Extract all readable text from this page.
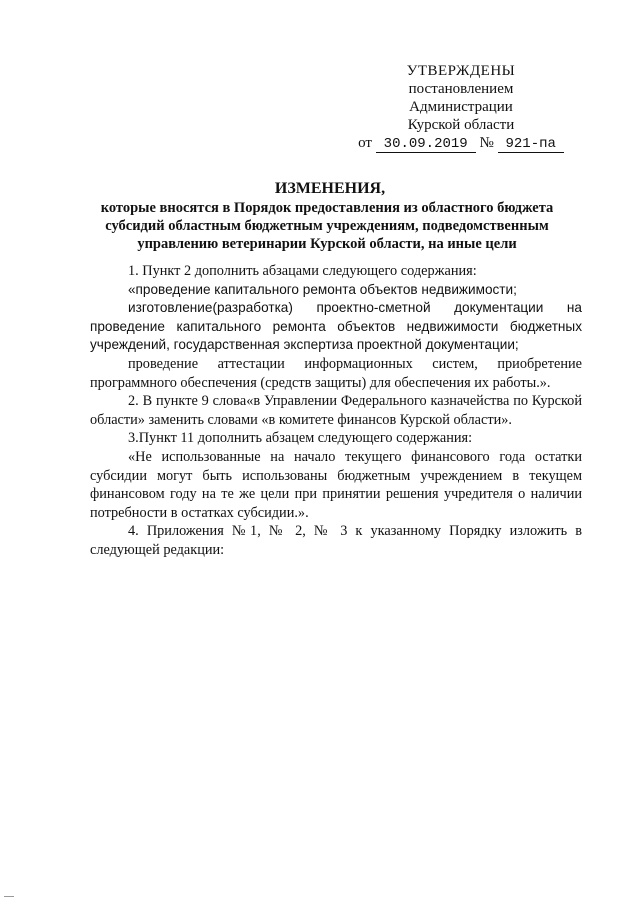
УТВЕРЖДЕНЫ
постановлением Администрации
Курской области
от 30.09.2019 № 921-па
ИЗМЕНЕНИЯ,
которые вносятся в Порядок предоставления из областного бюджета субсидий областным бюджетным учреждениям, подведомственным управлению ветеринарии Курской области, на иные цели

1. Пункт 2 дополнить абзацами следующего содержания:

«проведение капитального ремонта объектов недвижимости;

изготовление(разработка) проектно-сметной документации на проведение капитального ремонта объектов недвижимости бюджетных учреждений, государственная экспертиза проектной документации;

проведение аттестации информационных систем, приобретение программного обеспечения (средств защиты) для обеспечения их работы.».

2. В пункте 9 слова«в Управлении Федерального казначейства по Курской области» заменить словами «в комитете финансов Курской области».

3.Пункт 11 дополнить абзацем следующего содержания:

«Не использованные на начало текущего финансового года остатки субсидии могут быть использованы бюджетным учреждением в текущем финансовом году на те же цели при принятии решения учредителя о наличии потребности в остатках субсидии.».

4. Приложения №1, № 2, № 3 к указанному Порядку изложить в следующей редакции:
